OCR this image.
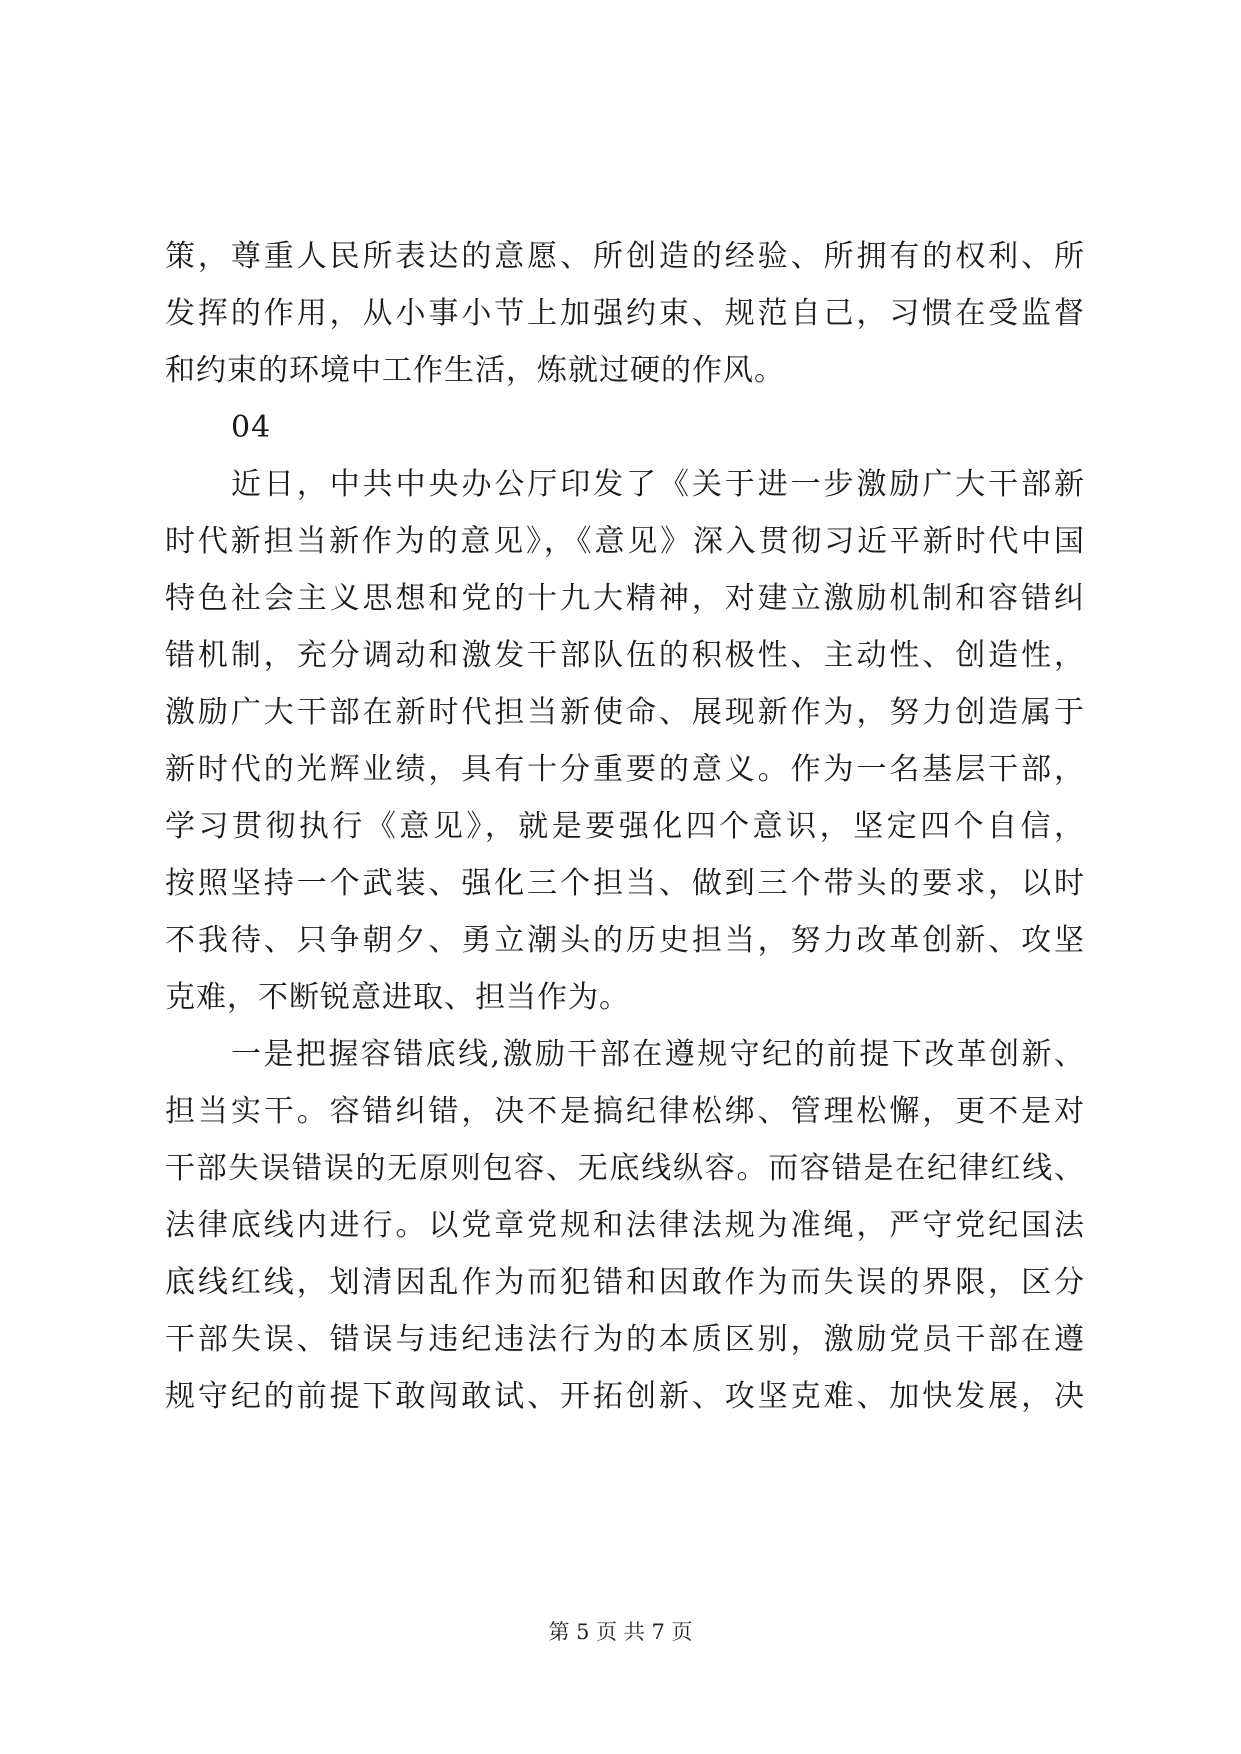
策，尊重人民所表达的意愿、所创造的经验、所拥有的权利、所
发挥的作用，从小事小节上加强约束、规范自己，习惯在受监督
和约束的环境中工作生活，炼就过硬的作风。
04
近日，中共中央办公厅印发了《关于进一步激励广大干部新
时代新担当新作为的意见》，《意见》深入贯彻习近平新时代中国
特色社会主义思想和党的十九大精神，对建立激励机制和容错纠
错机制，充分调动和激发干部队伍的积极性、主动性、创造性，
激励广大干部在新时代担当新使命、展现新作为，努力创造属于
新时代的光辉业绩，具有十分重要的意义。作为一名基层干部，
学习贯彻执行《意见》，就是要强化四个意识，坚定四个自信，
按照坚持一个武装、强化三个担当、做到三个带头的要求，以时
不我待、只争朝夕、勇立潮头的历史担当，努力改革创新、攻坚
克难，不断锐意进取、担当作为。
一是把握容错底线,激励干部在遵规守纪的前提下改革创新、
担当实干。容错纠错，决不是搞纪律松绑、管理松懈，更不是对
干部失误错误的无原则包容、无底线纵容。而容错是在纪律红线、
法律底线内进行。以党章党规和法律法规为准绳，严守党纪国法
底线红线，划清因乱作为而犯错和因敢作为而失误的界限，区分
干部失误、错误与违纪违法行为的本质区别，激励党员干部在遵
规守纪的前提下敢闯敢试、开拓创新、攻坚克难、加快发展，决
第 5 页 共 7 页
